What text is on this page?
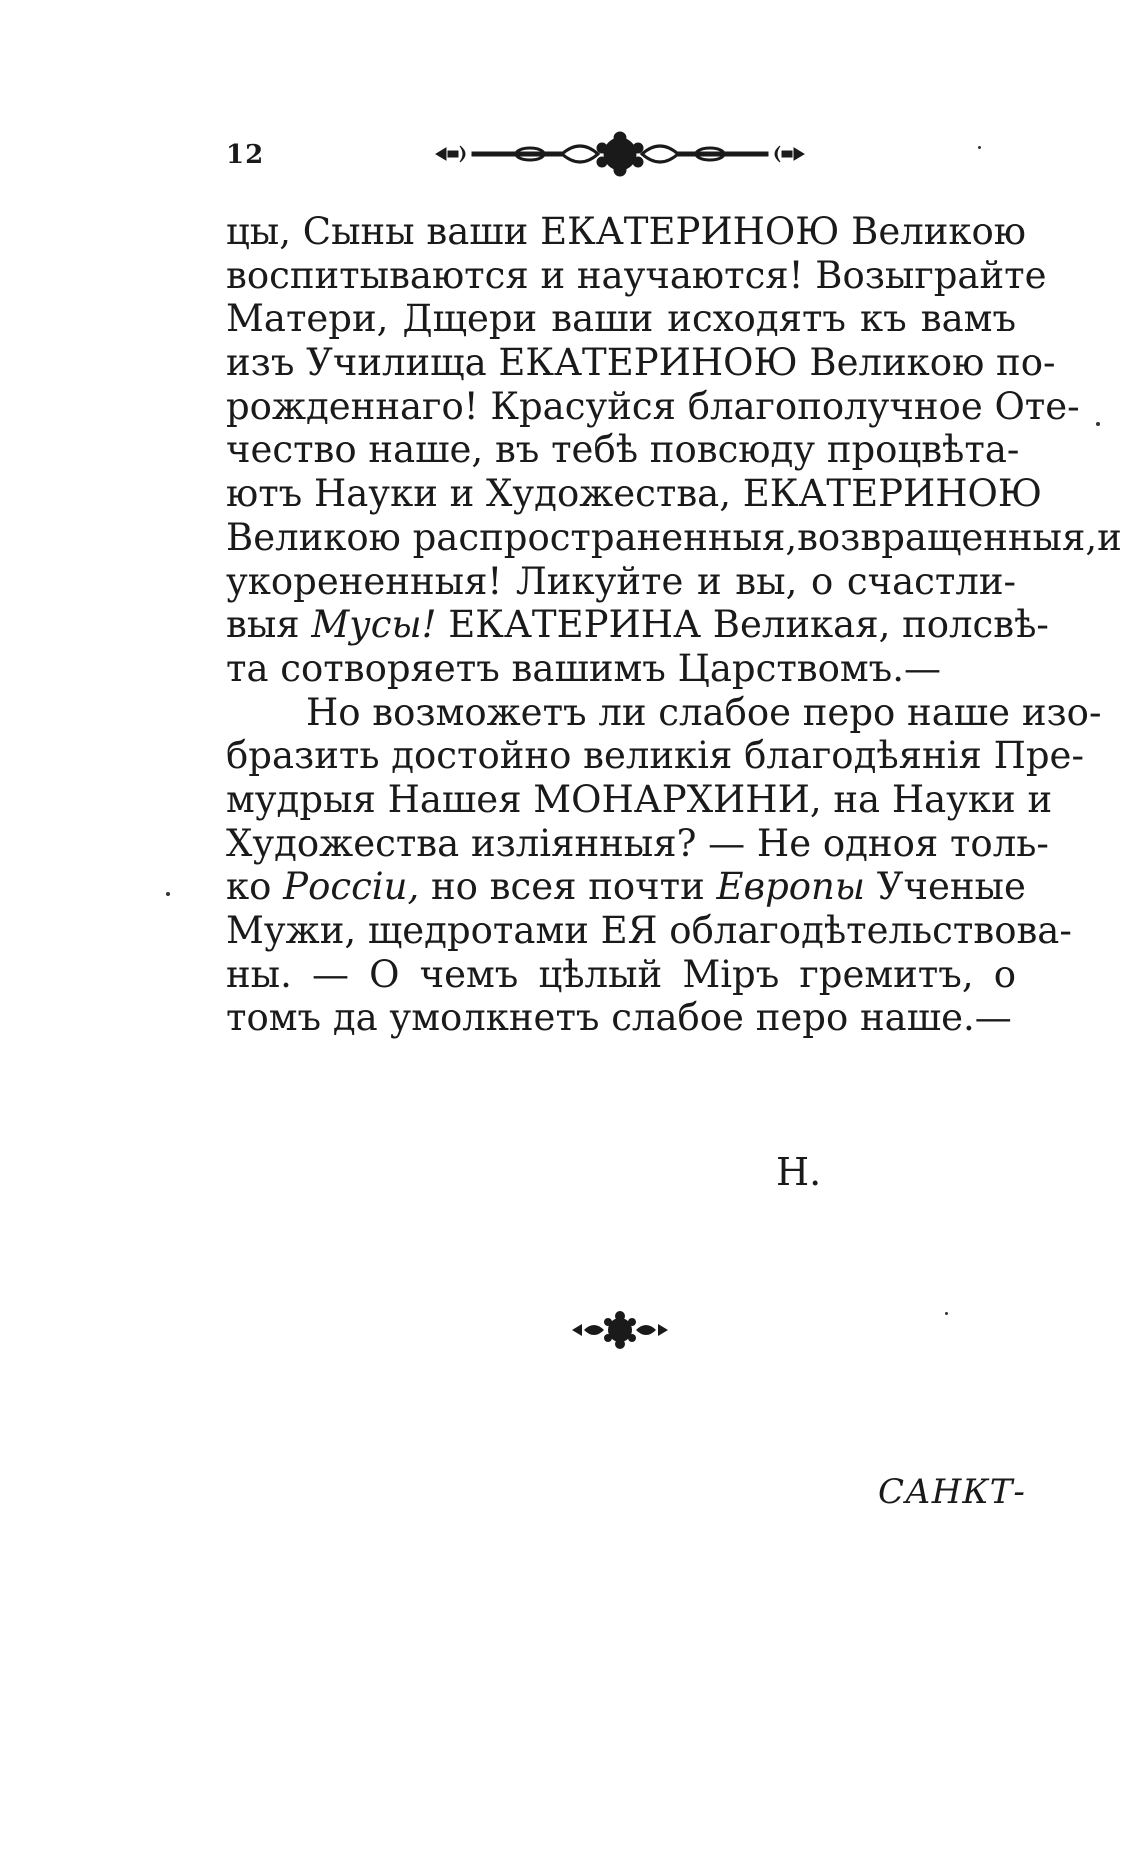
12
цы, Сыны ваши ЕКАТЕРИНОЮ Великою
воспитываются и научаются! Возыграйте
Матери, Дщери ваши исходятъ къ вамъ
изъ Училища ЕКАТЕРИНОЮ Великою по-
рожденнаго! Красуйся благополучное Оте-
чество наше, въ тебѣ повсюду процвѣта-
ютъ Науки и Художества, ЕКАТЕРИНОЮ
Великою распространенныя,возвращенныя,и
укорененныя! Ликуйте и вы, о счастли-
выя Мусы! ЕКАТЕРИНА Великая, полсвѣ-
та сотворяетъ вашимъ Царствомъ.—
Но возможетъ ли слабое перо наше изо-
бразить достойно великія благодѣянія Пре-
мудрыя Нашея МОНАРХИНИ, на Науки и
Художества изліянныя? — Не одноя толь-
ко Россіи, но всея почти Европы Ученые
Мужи, щедротами ЕЯ облагодѣтельствова-
ны. — О чемъ цѣлый Міръ гремитъ, о
томъ да умолкнетъ слабое перо наше.—
Н.
САНКТ-
